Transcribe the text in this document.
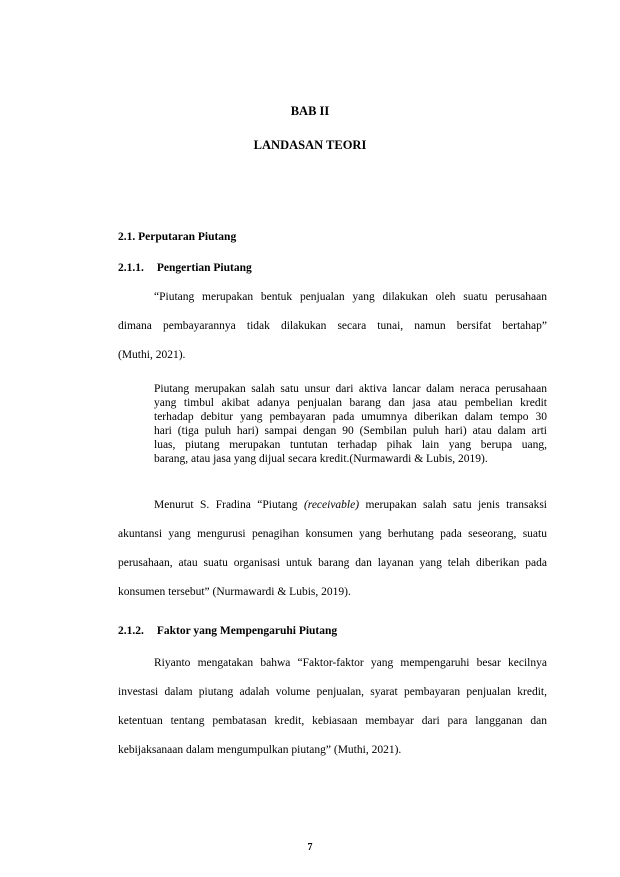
BAB II
LANDASAN TEORI
2.1. Perputaran Piutang
2.1.1. Pengertian Piutang
“Piutang merupakan bentuk penjualan yang dilakukan oleh suatu perusahaan
dimana pembayarannya tidak dilakukan secara tunai, namun bersifat bertahap”
(Muthi, 2021).
Piutang merupakan salah satu unsur dari aktiva lancar dalam neraca perusahaan
yang timbul akibat adanya penjualan barang dan jasa atau pembelian kredit
terhadap debitur yang pembayaran pada umumnya diberikan dalam tempo 30
hari (tiga puluh hari) sampai dengan 90 (Sembilan puluh hari) atau dalam arti
luas, piutang merupakan tuntutan terhadap pihak lain yang berupa uang,
barang, atau jasa yang dijual secara kredit.(Nurmawardi & Lubis, 2019).
Menurut S. Fradina “Piutang (receivable) merupakan salah satu jenis transaksi
akuntansi yang mengurusi penagihan konsumen yang berhutang pada seseorang, suatu
perusahaan, atau suatu organisasi untuk barang dan layanan yang telah diberikan pada
konsumen tersebut” (Nurmawardi & Lubis, 2019).
2.1.2. Faktor yang Mempengaruhi Piutang
Riyanto mengatakan bahwa “Faktor-faktor yang mempengaruhi besar kecilnya
investasi dalam piutang adalah volume penjualan, syarat pembayaran penjualan kredit,
ketentuan tentang pembatasan kredit, kebiasaan membayar dari para langganan dan
kebijaksanaan dalam mengumpulkan piutang” (Muthi, 2021).

7
